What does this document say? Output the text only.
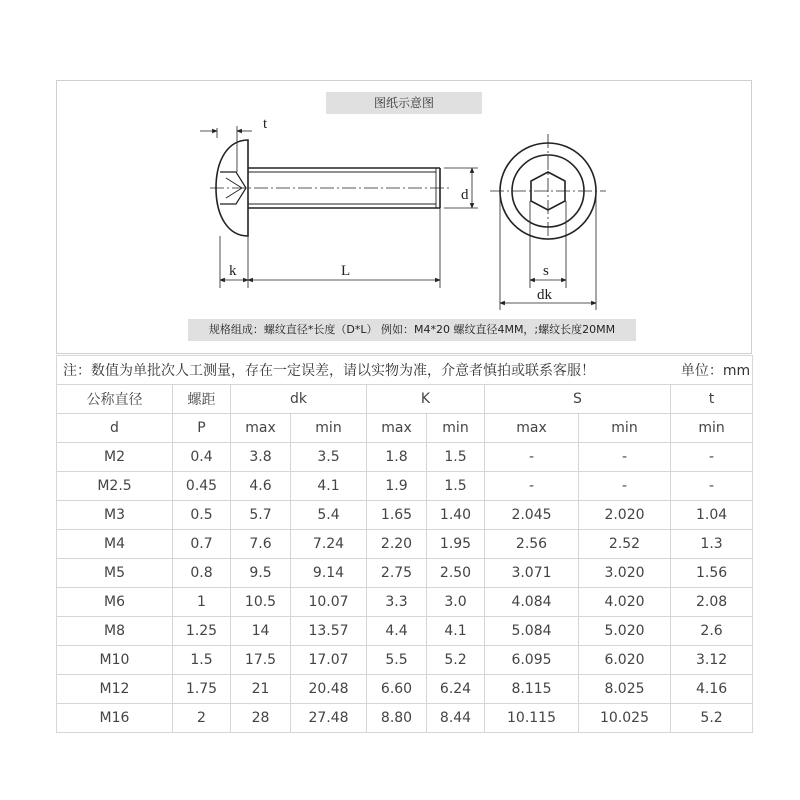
图纸示意图
t
d
k	L	s
dk
规格组成：螺纹直径*长度（D*L） 例如：M4*20 螺纹直径4MM，;螺纹长度20MM
注：数值为单批次人工测量，存在一定误差，请以实物为准，介意者慎拍或联系客服！ 单位：mm								

公称直径	螺距	dk		K		S		t
d	P	max	min	max	min	max	min	min
M2	0.4	3.8	3.5	1.8	1.5	-	-	-
M2.5	0.45	4.6	4.1	1.9	1.5	-	-	-
M3	0.5	5.7	5.4	1.65	1.40	2.045	2.020	1.04
M4	0.7	7.6	7.24	2.20	1.95	2.56	2.52	1.3
M5	0.8	9.5	9.14	2.75	2.50	3.071	3.020	1.56
M6	1	10.5	10.07	3.3	3.0	4.084	4.020	2.08
M8	1.25	14	13.57	4.4	4.1	5.084	5.020	2.6
M10	1.5	17.5	17.07	5.5	5.2	6.095	6.020	3.12
M12	1.75	21	20.48	6.60	6.24	8.115	8.025	4.16
M16	2	28	27.48	8.80	8.44	10.115	10.025	5.2
